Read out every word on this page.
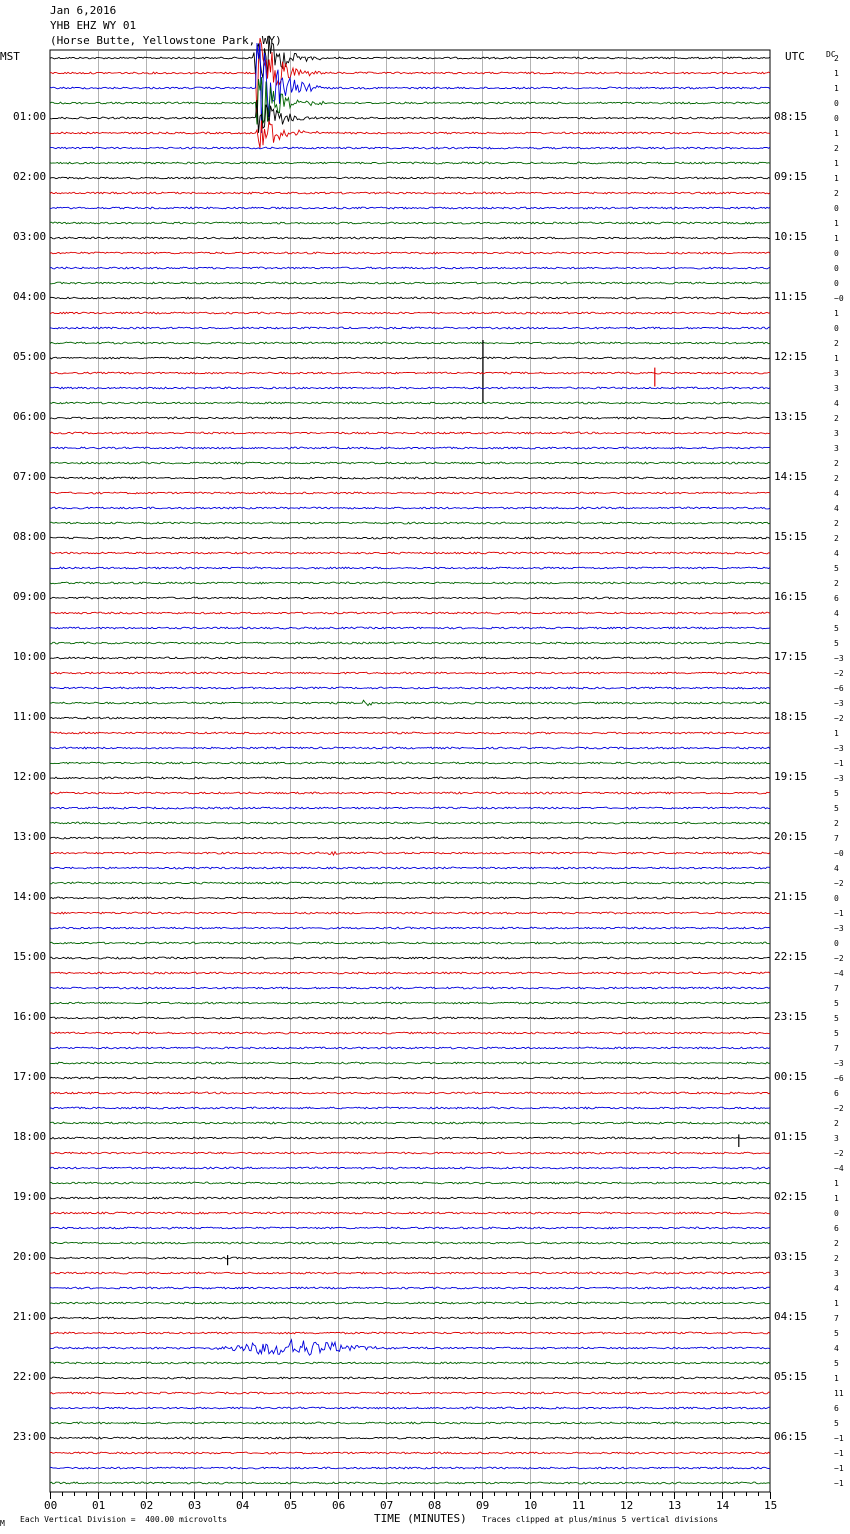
Jan 6,2016
YHB EHZ WY 01
(Horse Butte, Yellowstone Park, WY)
MST	UTC	DC
01:00
02:00
03:00
04:00
05:00
06:00
07:00
08:00
09:00
10:00
11:00
12:00
13:00
14:00
15:00
16:00
17:00
18:00
19:00
20:00
21:00
22:00
23:00
08:15
09:15
10:15
11:15
12:15
13:15
14:15
15:15
16:15
17:15
18:15
19:15
20:15
21:15
22:15
23:15
00:15
01:15
02:15
03:15
04:15
05:15
06:15
2
1
1
0
0
1
2
1
1
2
0
1
1
0
0
0
−0
1
0
2
1
3
3
4
2
3
3
2
2
4
4
2
2
4
5
2
6
4
5
5
−3
−2
−6
−3
−2
1
−3
−1
−3
5
5
2
7
−0
4
−2
0
−1
−3
0
−2
−4
7
5
5
5
7
−3
−6
6
−2
2
3
−2
−4
1
1
0
6
2
2
3
4
1
7
5
4
5
1
11
6
5
−1
−1
−1
−1
00	01	02	03	04	05	06	07	08	09	10	11	12	13	14	15
M Each Vertical Division =  400.00 microvolts	TIME (MINUTES) Traces clipped at plus/minus 5 vertical divisions
